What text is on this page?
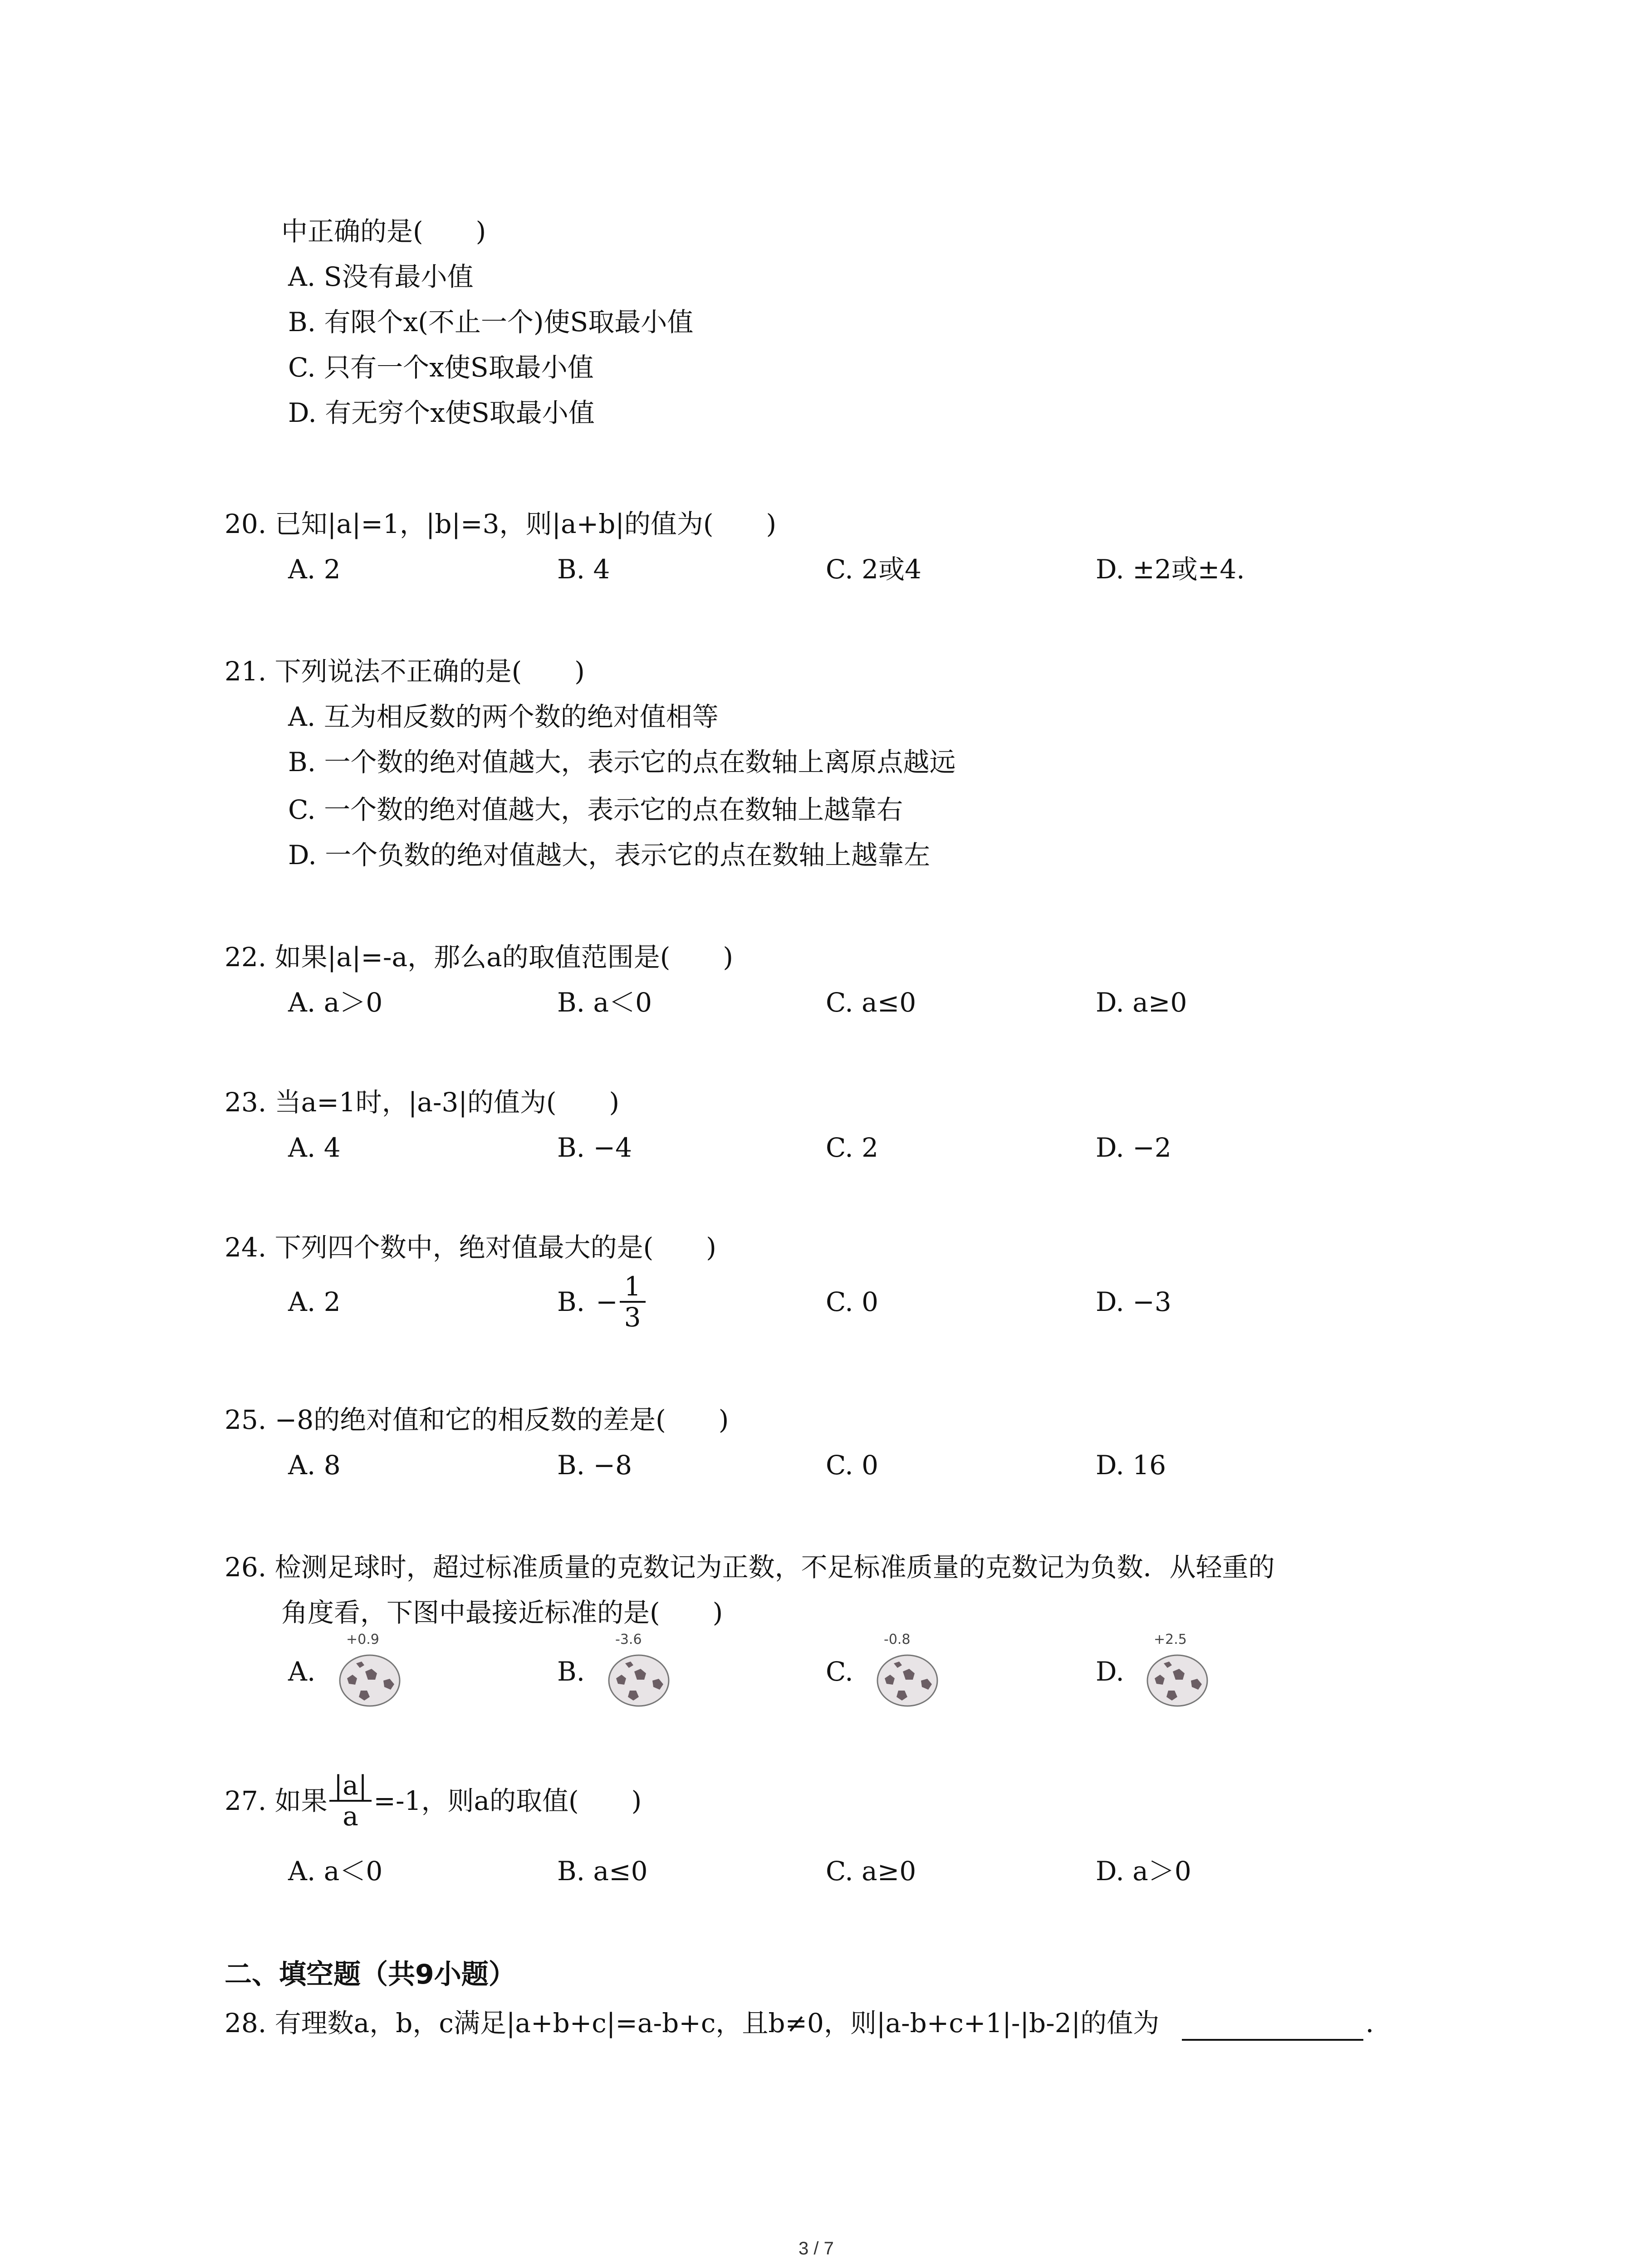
中正确的是(　　)
A. S没有最小值
B. 有限个x(不止一个)使S取最小值
C. 只有一个x使S取最小值
D. 有无穷个x使S取最小值
20. 已知|a|=1，|b|=3，则|a+b|的值为(　　)
A. 2	B. 4	C. 2或4	D. ±2或±4.
21. 下列说法不正确的是(　　)
A. 互为相反数的两个数的绝对值相等
B. 一个数的绝对值越大，表示它的点在数轴上离原点越远
C. 一个数的绝对值越大，表示它的点在数轴上越靠右
D. 一个负数的绝对值越大，表示它的点在数轴上越靠左
22. 如果|a|=-a，那么a的取值范围是(　　)
A. a＞0	B. a＜0	C. a≤0	D. a≥0
23. 当a=1时，|a-3|的值为(　　)
A. 4	B. −4	C. 2	D. −2
24. 下列四个数中，绝对值最大的是(　　)
A. 2	B. − $\frac{1}{3}$	C. 0	D. −3
25. −8的绝对值和它的相反数的差是(　　)
A. 8	B. −8	C. 0	D. 16
26. 检测足球时，超过标准质量的克数记为正数，不足标准质量的克数记为负数．从轻重的
角度看，下图中最接近标准的是(　　)
A.	B.	C.	D.
+0.9	-3.6	-0.8	+2.5
27. 如果 $\frac{|a|}{a} =-1$，则a的取值(　　)
A. a＜0	B. a≤0	C. a≥0	D. a＞0
二、填空题（共9小题）
28. 有理数a，b，c满足|a+b+c|=a-b+c，且b≠0，则|a-b+c+1|-|b-2|的值为	．
3 / 7
